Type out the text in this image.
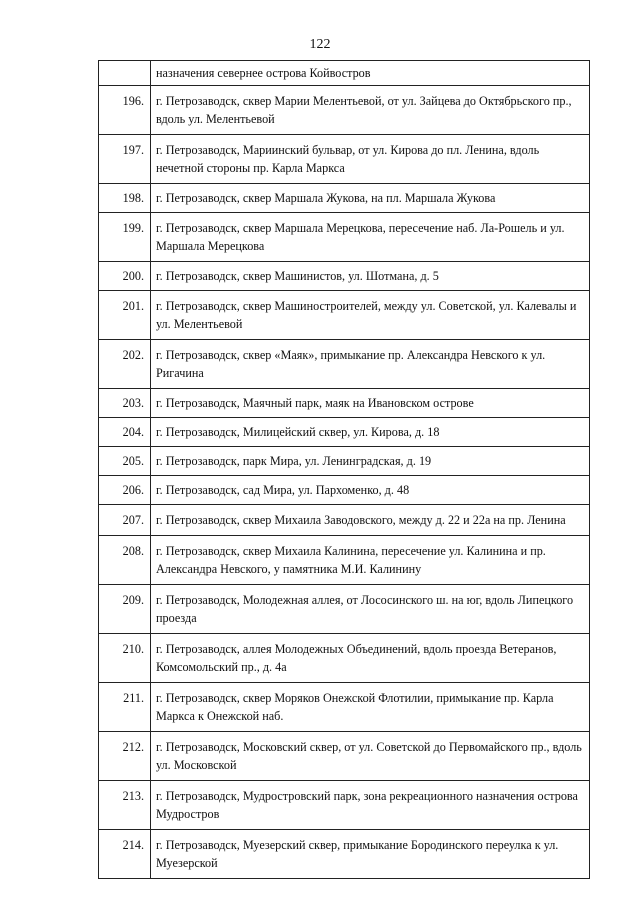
122
	назначения севернее острова Койвостров
196.	г. Петрозаводск, сквер Марии Мелентьевой, от ул. Зайцева до Октябрьского пр., вдоль ул. Мелентьевой
197.	г. Петрозаводск, Мариинский бульвар, от ул. Кирова до пл. Ленина, вдоль нечетной стороны пр. Карла Маркса
198.	г. Петрозаводск, сквер Маршала Жукова, на пл. Маршала Жукова
199.	г. Петрозаводск, сквер Маршала Мерецкова, пересечение наб. Ла-Рошель и ул. Маршала Мерецкова
200.	г. Петрозаводск, сквер Машинистов, ул. Шотмана, д. 5
201.	г. Петрозаводск, сквер Машиностроителей, между ул. Советской, ул. Калевалы и ул. Мелентьевой
202.	г. Петрозаводск, сквер «Маяк», примыкание пр. Александра Невского к ул. Ригачина
203.	г. Петрозаводск, Маячный парк, маяк на Ивановском острове
204.	г. Петрозаводск, Милицейский сквер, ул. Кирова, д. 18
205.	г. Петрозаводск, парк Мира, ул. Ленинградская, д. 19
206.	г. Петрозаводск, сад Мира, ул. Пархоменко, д. 48
207.	г. Петрозаводск, сквер Михаила Заводовского, между д. 22 и 22а на пр. Ленина
208.	г. Петрозаводск, сквер Михаила Калинина, пересечение ул. Калинина и пр. Александра Невского, у памятника М.И. Калинину
209.	г. Петрозаводск, Молодежная аллея, от Лососинского ш. на юг, вдоль Липецкого проезда
210.	г. Петрозаводск, аллея Молодежных Объединений, вдоль проезда Ветеранов, Комсомольский пр., д. 4а
211.	г. Петрозаводск, сквер Моряков Онежской Флотилии, примыкание пр. Карла Маркса к Онежской наб.
212.	г. Петрозаводск, Московский сквер, от ул. Советской до Первомайского пр., вдоль ул. Московской
213.	г. Петрозаводск, Мудростровский парк, зона рекреационного назначения острова Мудростров
214.	г. Петрозаводск, Муезерский сквер, примыкание Бородинского переулка к ул. Муезерской
